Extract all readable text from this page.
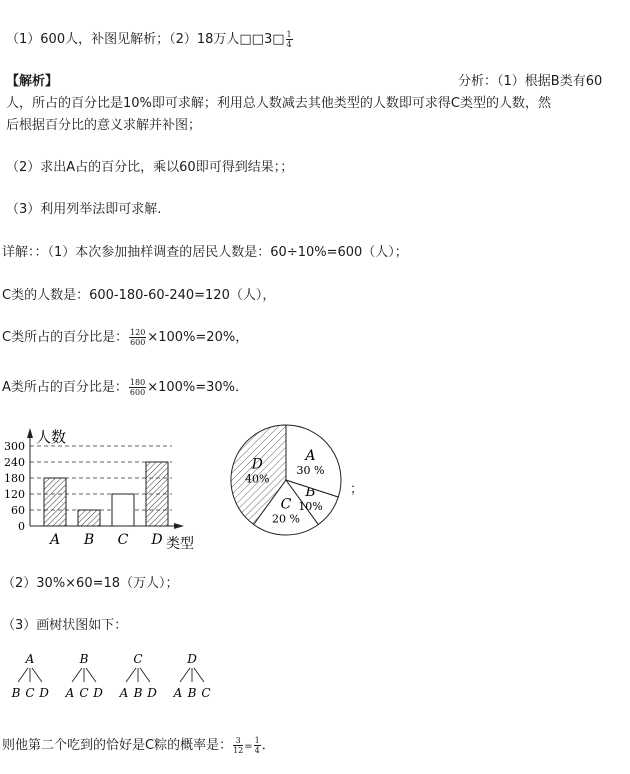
（1）600人，补图见解析；（2）18万人□□3□ $\frac{1}{4}$
【解析】	分析：（1）根据B类有60
人，所占的百分比是10%即可求解；利用总人数减去其他类型的人数即可求得C类型的人数，然
后根据百分比的意义求解并补图；
（2）求出A占的百分比，乘以60即可得到结果；；
（3）利用列举法即可求解.
详解：：（1）本次参加抽样调查的居民人数是：60÷10%=600（人）；
C类的人数是：600-180-60-240=120（人），
C类所占的百分比是： $\frac{120}{600} \times 100\%=20\%$，
A类所占的百分比是： $\frac{180}{600} \times 100\%=30\%$．
0
60
120
180
240
300
人数
类型
A B C D
D
40%
C
20 %
B
10%
A
30 %
；
（2）30%×60=18（万人）；
（3）画树状图如下：
A
B C D
B
A C D
C
A B D
D
A B C
则他第二个吃到的恰好是C粽的概率是： $\frac{3}{12} = \frac{1}{4}$ ．
